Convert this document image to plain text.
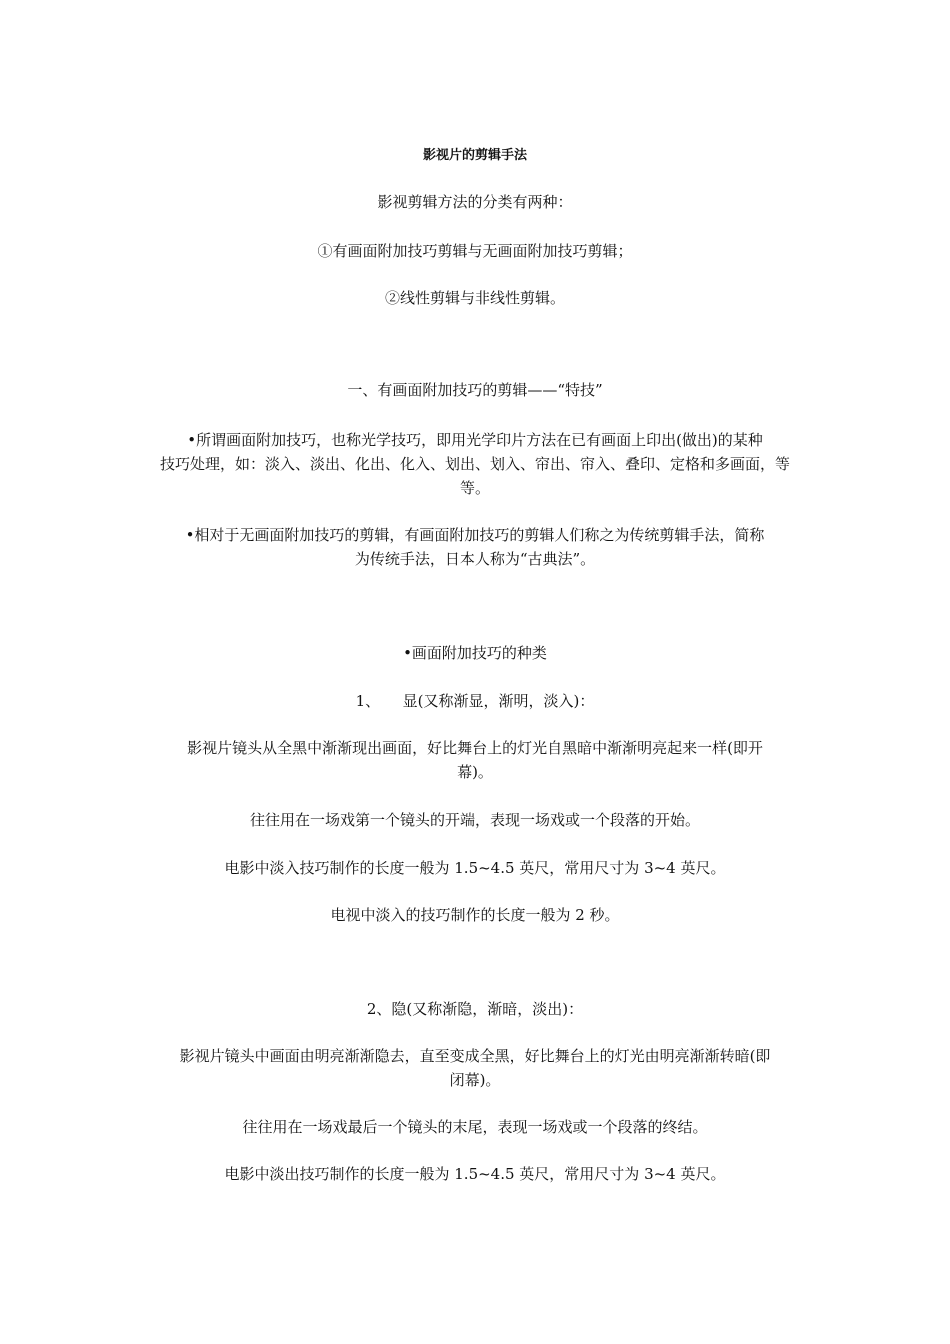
影视片的剪辑手法
影视剪辑方法的分类有两种：
①有画面附加技巧剪辑与无画面附加技巧剪辑；
②线性剪辑与非线性剪辑。
一、有画面附加技巧的剪辑——“特技”
•所谓画面附加技巧，也称光学技巧，即用光学印片方法在已有画面上印出(做出)的某种
技巧处理，如：淡入、淡出、化出、化入、划出、划入、帘出、帘入、叠印、定格和多画面，等
等。
•相对于无画面附加技巧的剪辑，有画面附加技巧的剪辑人们称之为传统剪辑手法，简称
为传统手法，日本人称为“古典法”。
•画面附加技巧的种类
1、　　显(又称渐显，渐明，淡入)：
影视片镜头从全黑中渐渐现出画面，好比舞台上的灯光自黑暗中渐渐明亮起来一样(即开
幕)。
往往用在一场戏第一个镜头的开端，表现一场戏或一个段落的开始。
电影中淡入技巧制作的长度一般为 1.5~4.5 英尺，常用尺寸为 3~4 英尺。
电视中淡入的技巧制作的长度一般为 2 秒。
2、隐(又称渐隐，渐暗，淡出)：
影视片镜头中画面由明亮渐渐隐去，直至变成全黑，好比舞台上的灯光由明亮渐渐转暗(即
闭幕)。
往往用在一场戏最后一个镜头的末尾，表现一场戏或一个段落的终结。
电影中淡出技巧制作的长度一般为 1.5~4.5 英尺，常用尺寸为 3~4 英尺。
